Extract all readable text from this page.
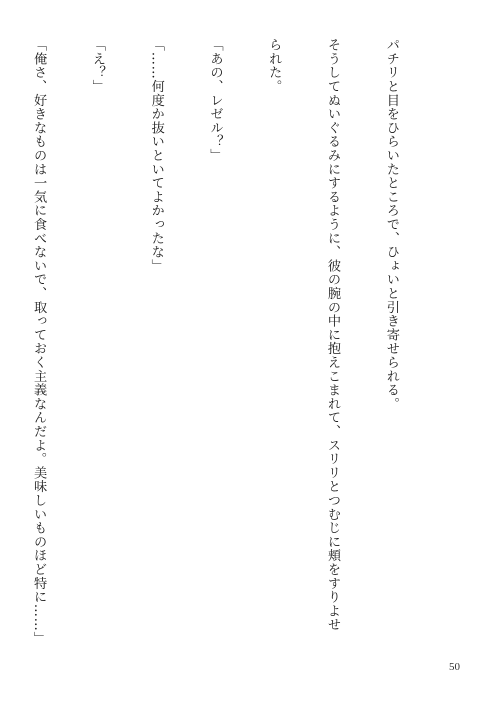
パチリと目をひらいたところで、ひょいと引き寄せられる。

そうしてぬいぐるみにするように、彼の腕の中に抱えこまれて、スリリとつむじに頬をすりよせ

られた。

「あの、レゼル？」

「……何度か抜いといてよかったな」

「え？」

「俺さ、好きなものは一気に食べないで、取っておく主義なんだよ。美味しいものほど特に……」

50
